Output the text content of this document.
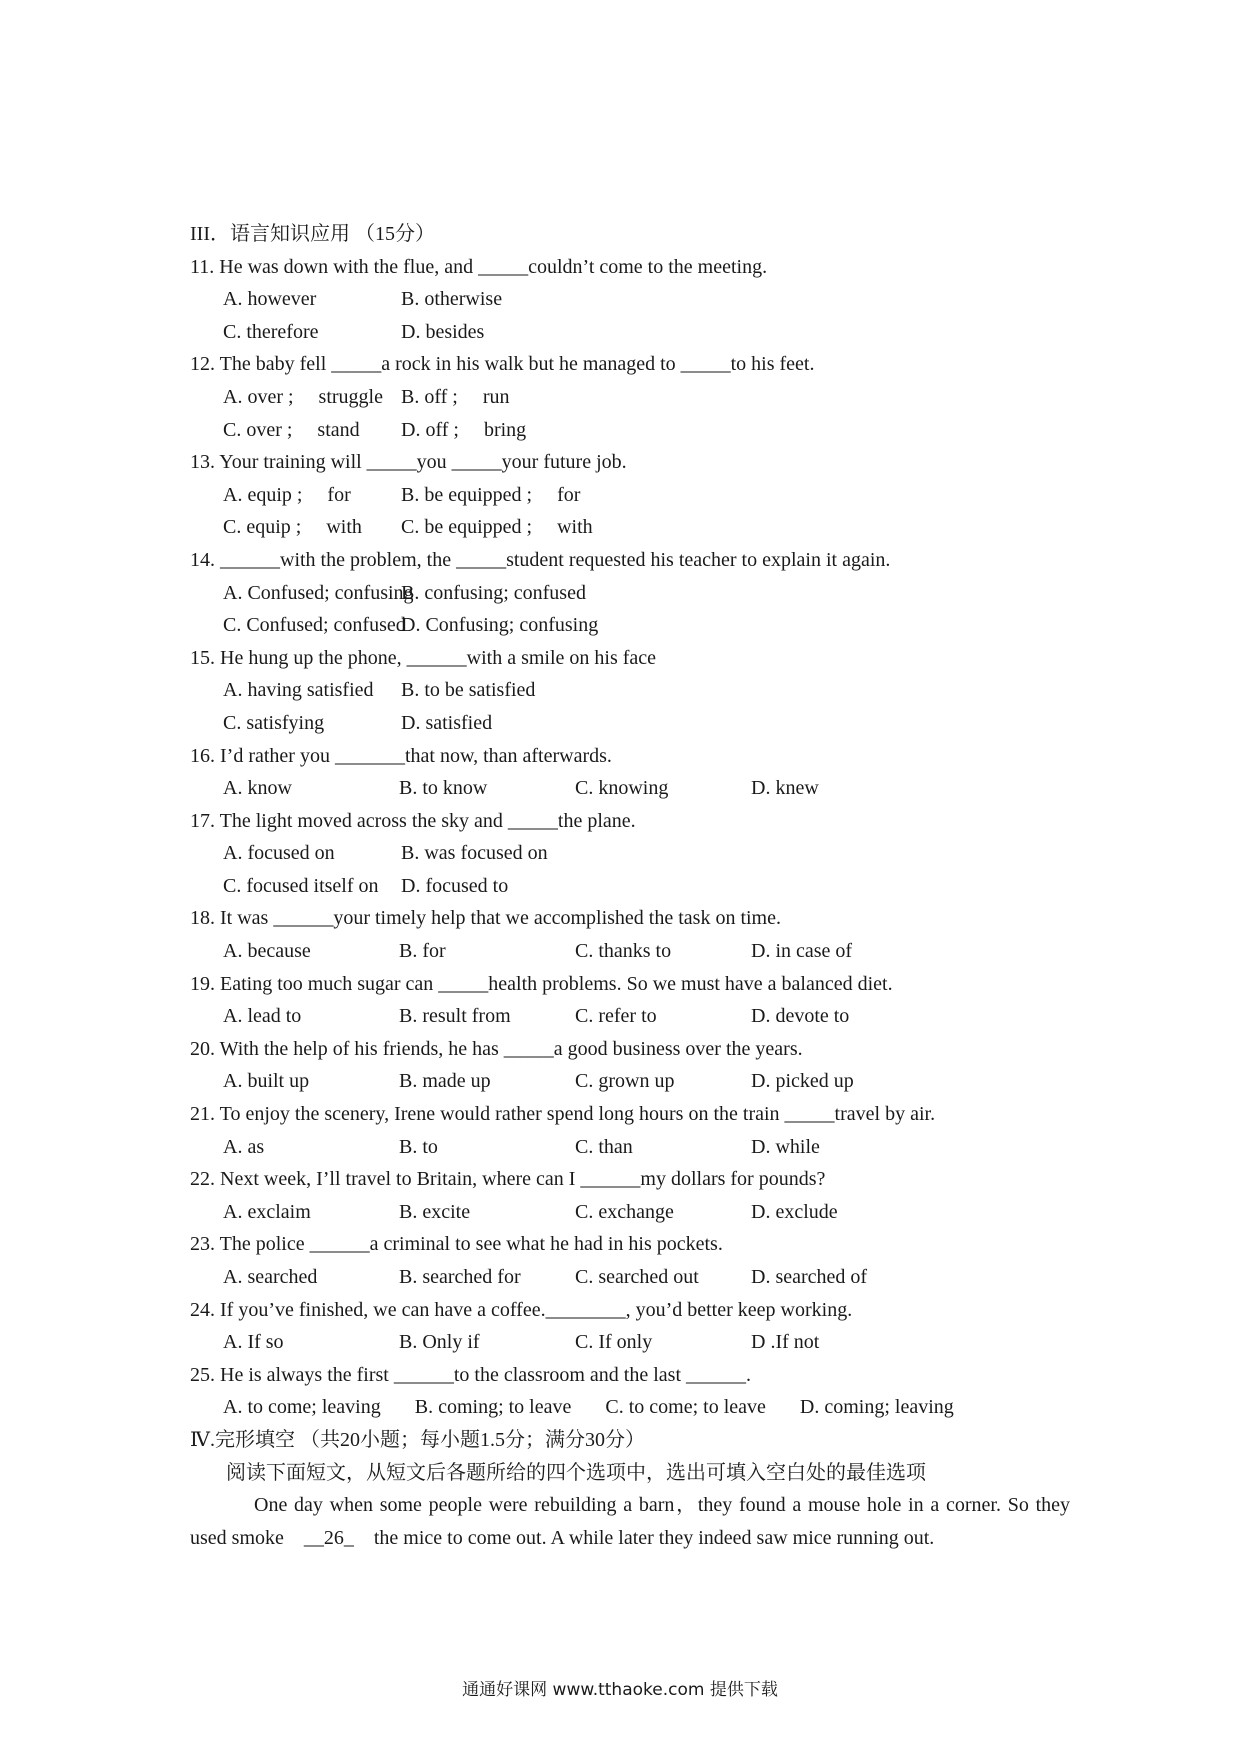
III．语言知识应用 （15分）
11. He was down with the flue, and _____couldn’t come to the meeting.
A. however	B. otherwise
C. therefore	D. besides
12. The baby fell _____a rock in his walk but he managed to _____to his feet.
A. over ;　 struggle B. off ;　 run
C. over ;　 stand	D. off ;　 bring
13. Your training will _____you _____your future job.
A. equip ;　 for	B. be equipped ;　 for
C. equip ;　 with	C. be equipped ;　 with
14. ______with the problem, the _____student requested his teacher to explain it again.
A. Confused; confusing
B. confusing; confused
C. Confused; confused
D. Confusing; confusing
15. He hung up the phone, ______with a smile on his face
A. having satisfied	B. to be satisfied
C. satisfying	D. satisfied
16. I’d rather you _______that now, than afterwards.
A. know	B. to know	C. knowing	D. knew
17. The light moved across the sky and _____the plane.
A. focused on	B. was focused on
C. focused itself on	D. focused to
18. It was ______your timely help that we accomplished the task on time.
A. because	B. for	C. thanks to	D. in case of
19. Eating too much sugar can _____health problems. So we must have a balanced diet.
A. lead to	B. result from	C. refer to	D. devote to
20. With the help of his friends, he has _____a good business over the years.
A. built up	B. made up	C. grown up	D. picked up
21. To enjoy the scenery, Irene would rather spend long hours on the train _____travel by air.
A. as	B. to	C. than	D. while
22. Next week, I’ll travel to Britain, where can I ______my dollars for pounds?
A. exclaim	B. excite	C. exchange	D. exclude
23. The police ______a criminal to see what he had in his pockets.
A. searched	B. searched for	C. searched out	D. searched of
24. If you’ve finished, we can have a coffee.________, you’d better keep working.
A. If so	B. Only if	C. If only	D .If not
25. He is always the first ______to the classroom and the last ______.
A. to come; leaving B. coming; to leave C. to come; to leave D. coming; leaving
Ⅳ.完形填空 （共20小题；每小题1.5分；满分30分）
阅读下面短文，从短文后各题所给的四个选项中，选出可填入空白处的最佳选项
One day when some people were rebuilding a barn，they found a mouse hole in a corner. So they used smoke　__26_　the mice to come out. A while later they indeed saw mice running out.
通通好课网 www.tthaoke.com 提供下载
